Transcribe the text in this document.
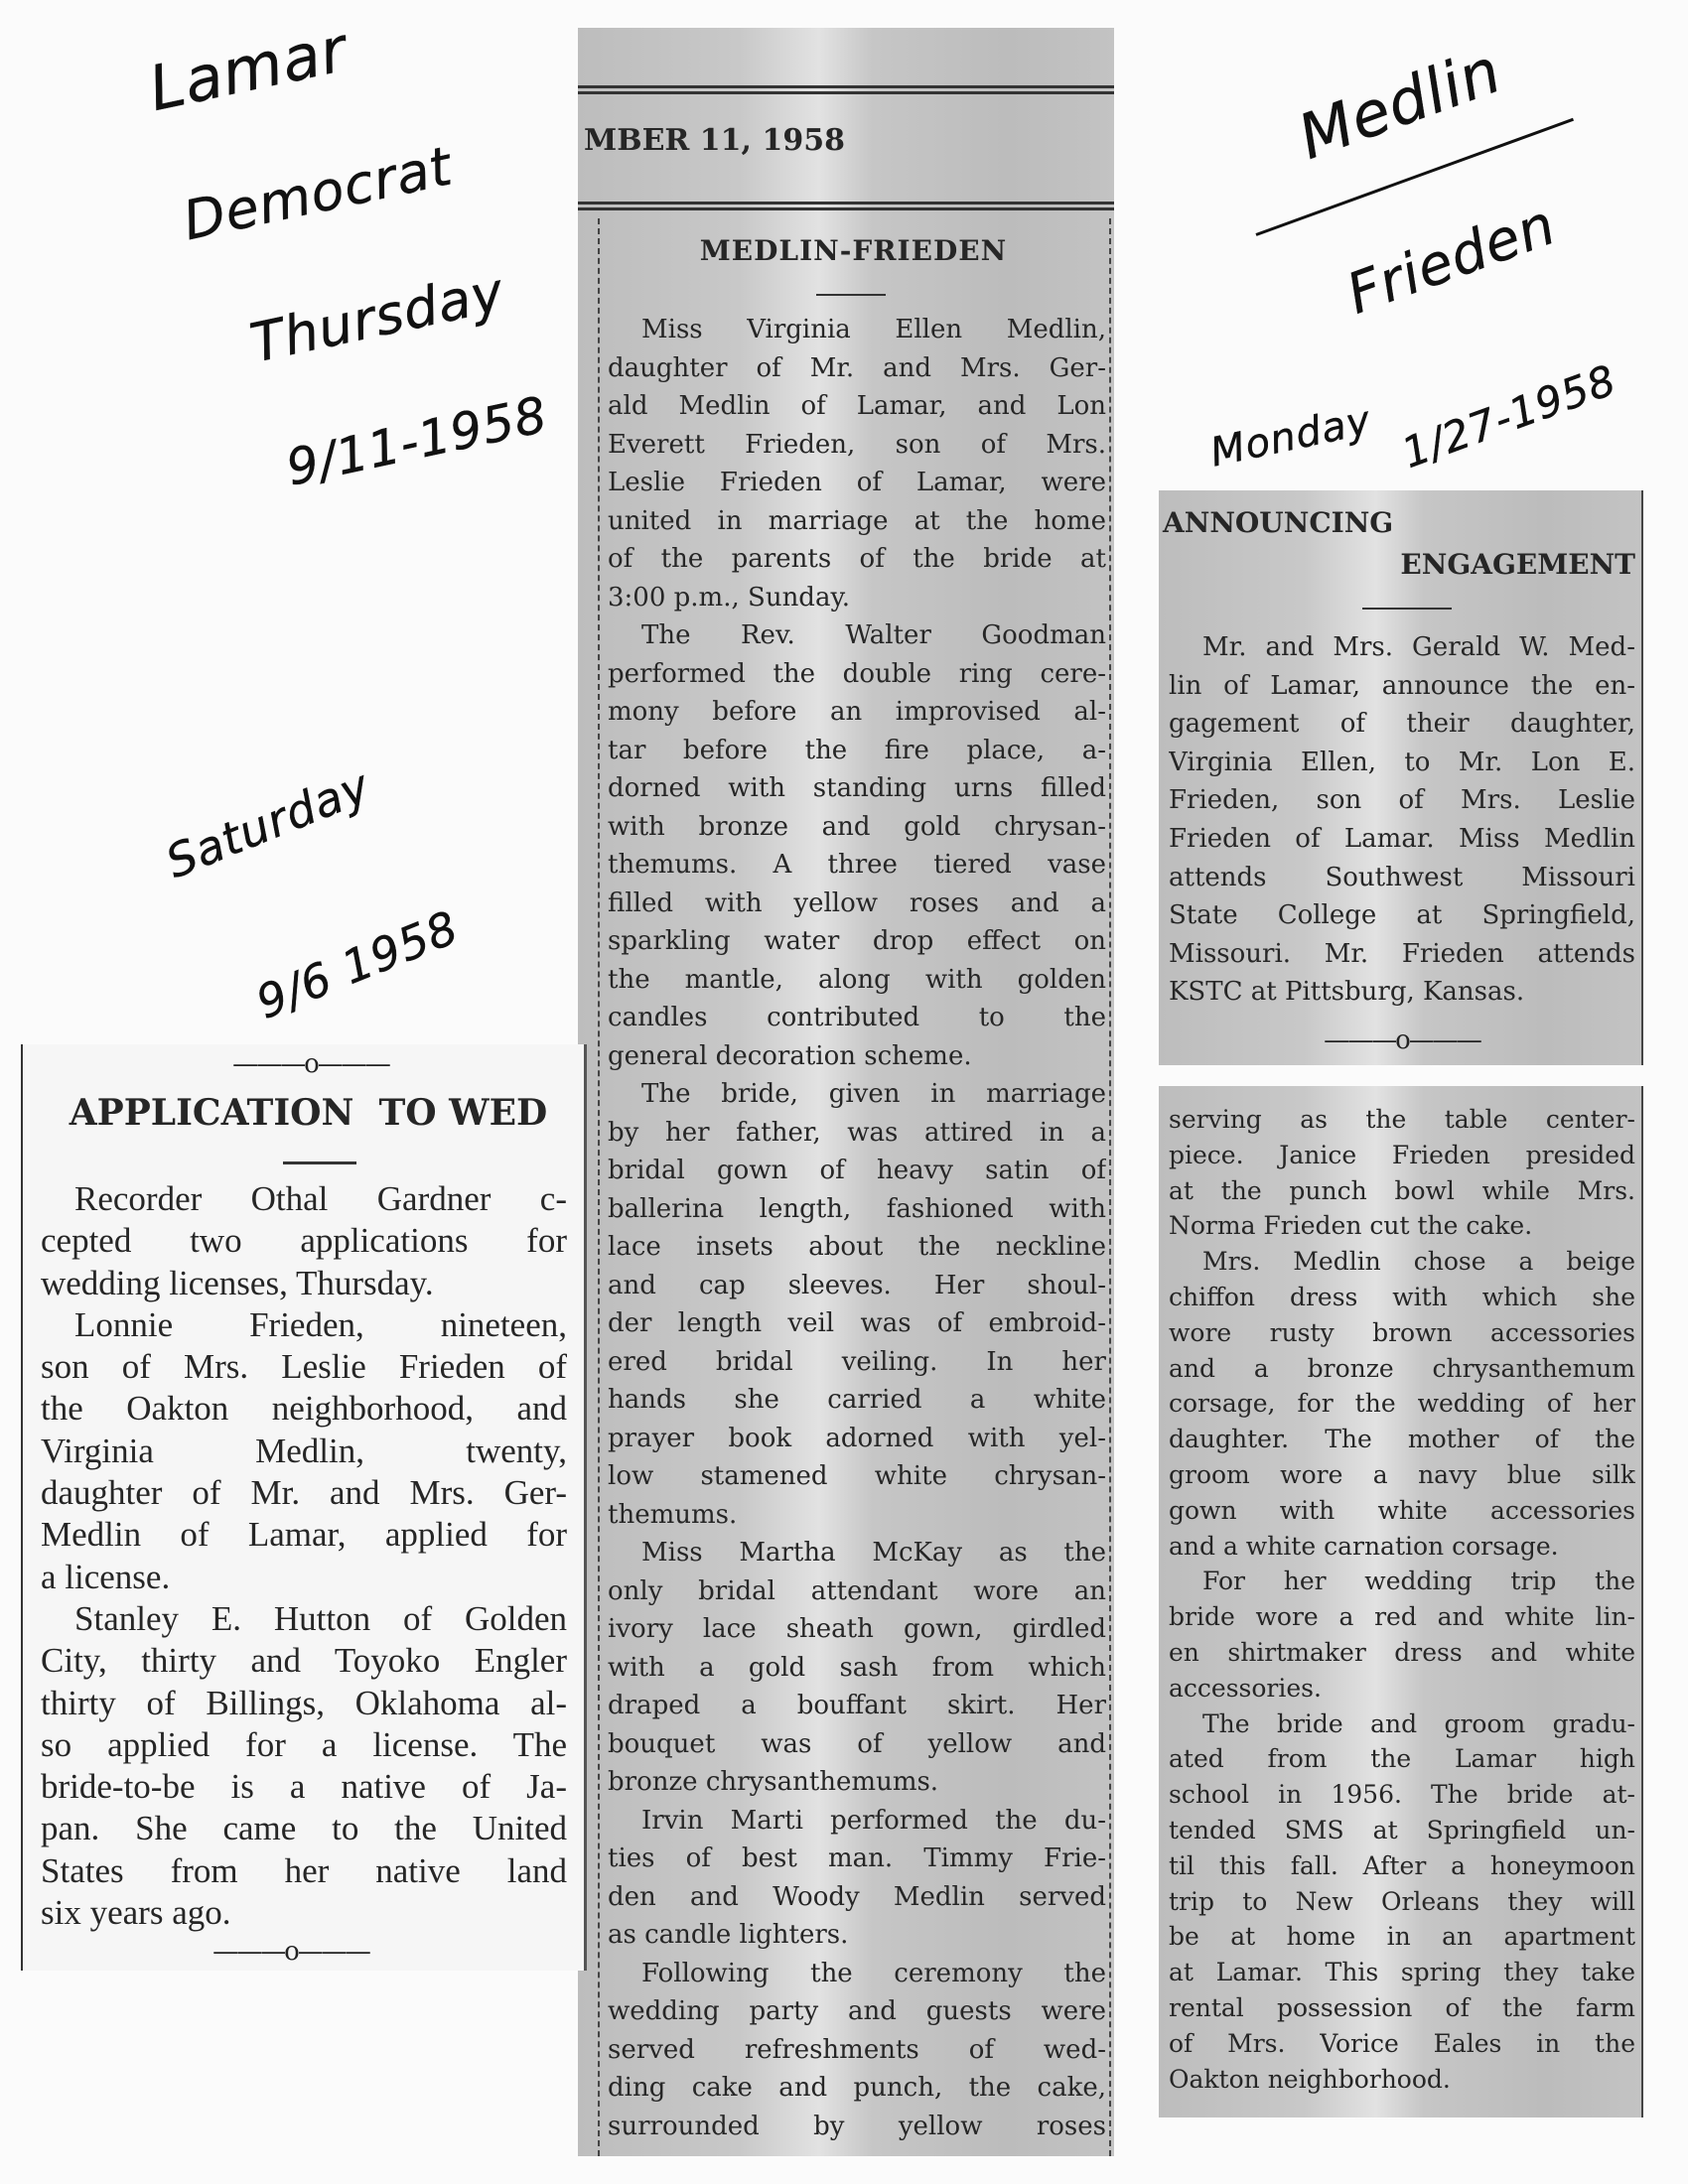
Lamar
Democrat
Thursday
9/11-1958
Medlin
Frieden
Monday 1/27-1958
Saturday
9/6 1958
MBER 11, 1958
MEDLIN-FRIEDEN
Miss Virginia Ellen Medlin,
daughter of Mr. and Mrs. Ger-
ald Medlin of Lamar, and Lon
Everett Frieden, son of Mrs.
Leslie Frieden of Lamar, were
united in marriage at the home
of the parents of the bride at
3:00 p.m., Sunday.
The Rev. Walter Goodman
performed the double ring cere-
mony before an improvised al-
tar before the fire place, a-
dorned with standing urns filled
with bronze and gold chrysan-
themums. A three tiered vase
filled with yellow roses and a
sparkling water drop effect on
the mantle, along with golden
candles contributed to the
general decoration scheme.
The bride, given in marriage
by her father, was attired in a
bridal gown of heavy satin of
ballerina length, fashioned with
lace insets about the neckline
and cap sleeves. Her shoul-
der length veil was of embroid-
ered bridal veiling. In her
hands she carried a white
prayer book adorned with yel-
low stamened white chrysan-
themums.
Miss Martha McKay as the
only bridal attendant wore an
ivory lace sheath gown, girdled
with a gold sash from which
draped a bouffant skirt. Her
bouquet was of yellow and
bronze chrysanthemums.
Irvin Marti performed the du-
ties of best man. Timmy Frie-
den and Woody Medlin served
as candle lighters.
Following the ceremony the
wedding party and guests were
served refreshments of wed-
ding cake and punch, the cake,
surrounded by yellow roses
———o———
APPLICATION  TO WED
Recorder Othal Gardner c-
cepted two applications for
wedding licenses, Thursday.
Lonnie Frieden, nineteen,
son of Mrs. Leslie Frieden of
the Oakton neighborhood, and
Virginia Medlin, twenty,
daughter of Mr. and Mrs. Ger-
Medlin of Lamar, applied for
a license.
Stanley E. Hutton of Golden
City, thirty and Toyoko Engler
thirty of Billings, Oklahoma al-
so applied for a license. The
bride-to-be is a native of Ja-
pan. She came to the United
States from her native land
six years ago.
———o———
ANNOUNCING
ENGAGEMENT
Mr. and Mrs. Gerald W. Med-
lin of Lamar, announce the en-
gagement of their daughter,
Virginia Ellen, to Mr. Lon E.
Frieden, son of Mrs. Leslie
Frieden of Lamar. Miss Medlin
attends Southwest Missouri
State College at Springfield,
Missouri. Mr. Frieden attends
KSTC at Pittsburg, Kansas.
———o———
serving as the table center-
piece. Janice Frieden presided
at the punch bowl while Mrs.
Norma Frieden cut the cake.
Mrs. Medlin chose a beige
chiffon dress with which she
wore rusty brown accessories
and a bronze chrysanthemum
corsage, for the wedding of her
daughter. The mother of the
groom wore a navy blue silk
gown with white accessories
and a white carnation corsage.
For her wedding trip the
bride wore a red and white lin-
en shirtmaker dress and white
accessories.
The bride and groom gradu-
ated from the Lamar high
school in 1956. The bride at-
tended SMS at Springfield un-
til this fall. After a honeymoon
trip to New Orleans they will
be at home in an apartment
at Lamar. This spring they take
rental possession of the farm
of Mrs. Vorice Eales in the
Oakton neighborhood.
